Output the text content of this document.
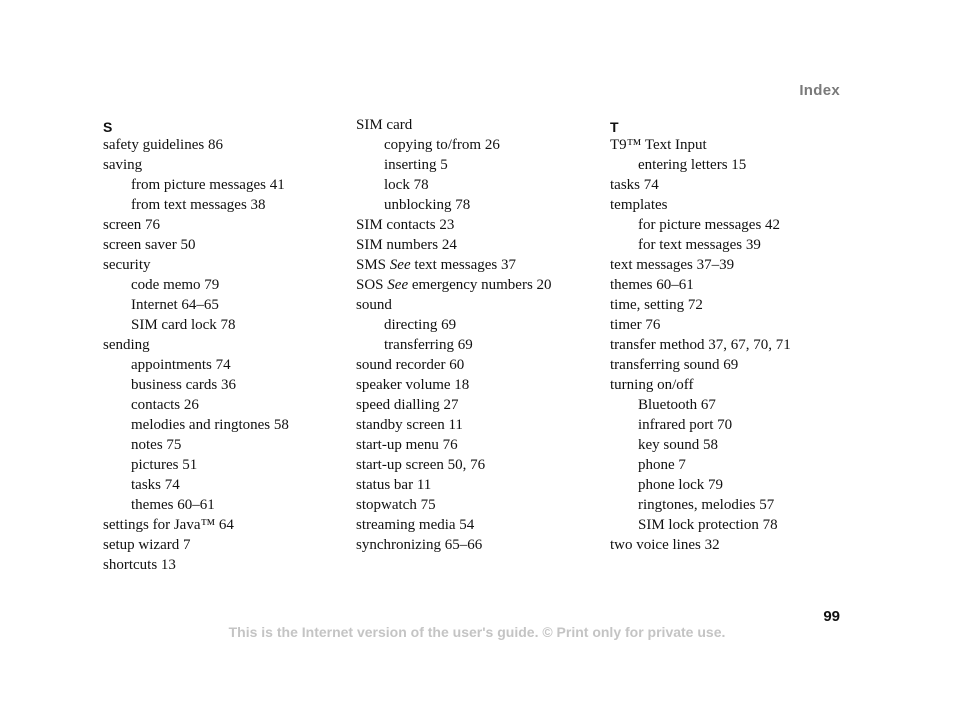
Index
S
safety guidelines 86
saving
from picture messages 41
from text messages 38
screen 76
screen saver 50
security
code memo 79
Internet 64–65
SIM card lock 78
sending
appointments 74
business cards 36
contacts 26
melodies and ringtones 58
notes 75
pictures 51
tasks 74
themes 60–61
settings for Java™ 64
setup wizard 7
shortcuts 13
SIM card
copying to/from 26
inserting 5
lock 78
unblocking 78
SIM contacts 23
SIM numbers 24
SMS See text messages 37
SOS See emergency numbers 20
sound
directing 69
transferring 69
sound recorder 60
speaker volume 18
speed dialling 27
standby screen 11
start-up menu 76
start-up screen 50, 76
status bar 11
stopwatch 75
streaming media 54
synchronizing 65–66
T
T9™ Text Input
entering letters 15
tasks 74
templates
for picture messages 42
for text messages 39
text messages 37–39
themes 60–61
time, setting 72
timer 76
transfer method 37, 67, 70, 71
transferring sound 69
turning on/off
Bluetooth 67
infrared port 70
key sound 58
phone 7
phone lock 79
ringtones, melodies 57
SIM lock protection 78
two voice lines 32
99
This is the Internet version of the user's guide. © Print only for private use.
